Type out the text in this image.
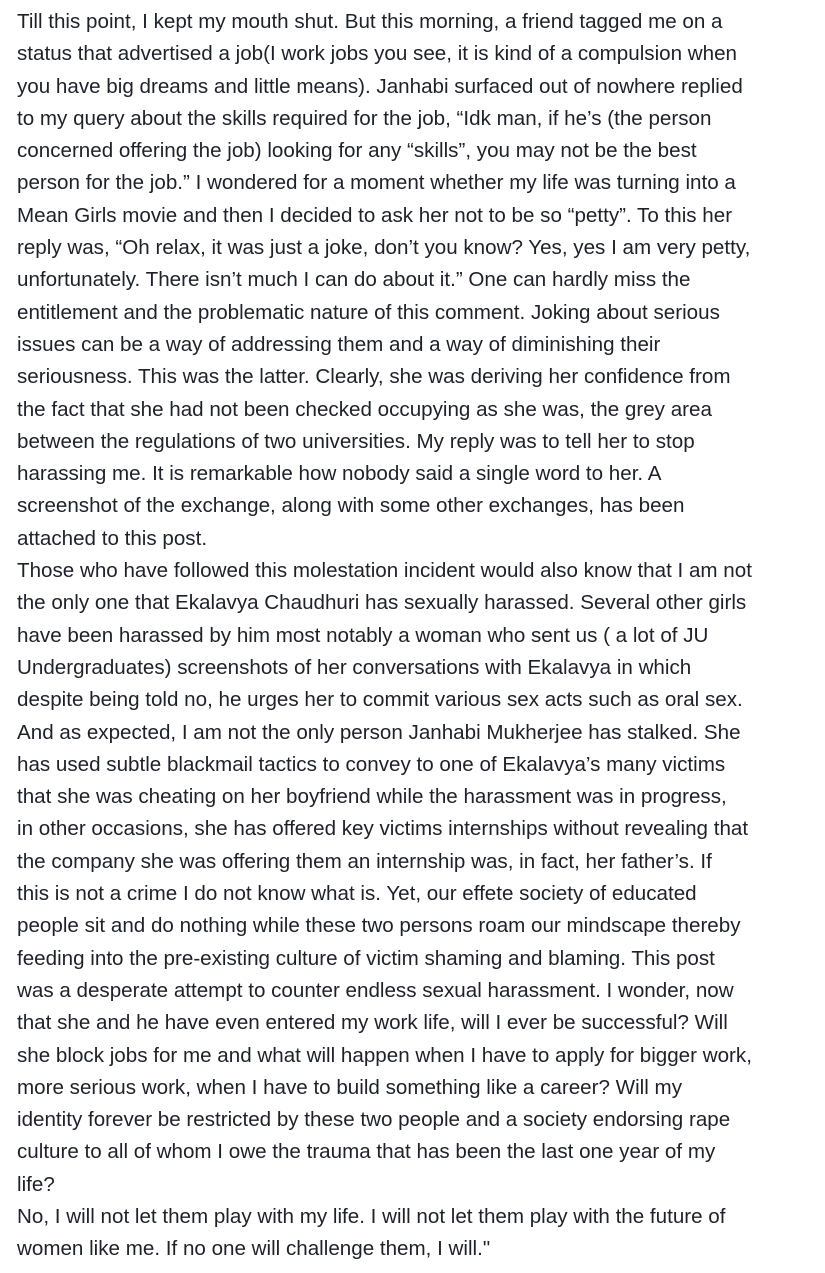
Till this point, I kept my mouth shut. But this morning, a friend tagged me on a
status that advertised a job(I work jobs you see, it is kind of a compulsion when
you have big dreams and little means). Janhabi surfaced out of nowhere replied
to my query about the skills required for the job, “Idk man, if he’s (the person
concerned offering the job) looking for any “skills”, you may not be the best
person for the job.” I wondered for a moment whether my life was turning into a
Mean Girls movie and then I decided to ask her not to be so “petty”. To this her
reply was, “Oh relax, it was just a joke, don’t you know? Yes, yes I am very petty,
unfortunately. There isn’t much I can do about it.” One can hardly miss the
entitlement and the problematic nature of this comment. Joking about serious
issues can be a way of addressing them and a way of diminishing their
seriousness. This was the latter. Clearly, she was deriving her confidence from
the fact that she had not been checked occupying as she was, the grey area
between the regulations of two universities. My reply was to tell her to stop
harassing me. It is remarkable how nobody said a single word to her. A
screenshot of the exchange, along with some other exchanges, has been
attached to this post.

Those who have followed this molestation incident would also know that I am not
the only one that Ekalavya Chaudhuri has sexually harassed. Several other girls
have been harassed by him most notably a woman who sent us ( a lot of JU
Undergraduates) screenshots of her conversations with Ekalavya in which
despite being told no, he urges her to commit various sex acts such as oral sex.
And as expected, I am not the only person Janhabi Mukherjee has stalked. She
has used subtle blackmail tactics to convey to one of Ekalavya’s many victims
that she was cheating on her boyfriend while the harassment was in progress,
in other occasions, she has offered key victims internships without revealing that
the company she was offering them an internship was, in fact, her father’s. If
this is not a crime I do not know what is. Yet, our effete society of educated
people sit and do nothing while these two persons roam our mindscape thereby
feeding into the pre-existing culture of victim shaming and blaming. This post
was a desperate attempt to counter endless sexual harassment. I wonder, now
that she and he have even entered my work life, will I ever be successful? Will
she block jobs for me and what will happen when I have to apply for bigger work,
more serious work, when I have to build something like a career? Will my
identity forever be restricted by these two people and a society endorsing rape
culture to all of whom I owe the trauma that has been the last one year of my
life?

No, I will not let them play with my life. I will not let them play with the future of
women like me. If no one will challenge them, I will."
